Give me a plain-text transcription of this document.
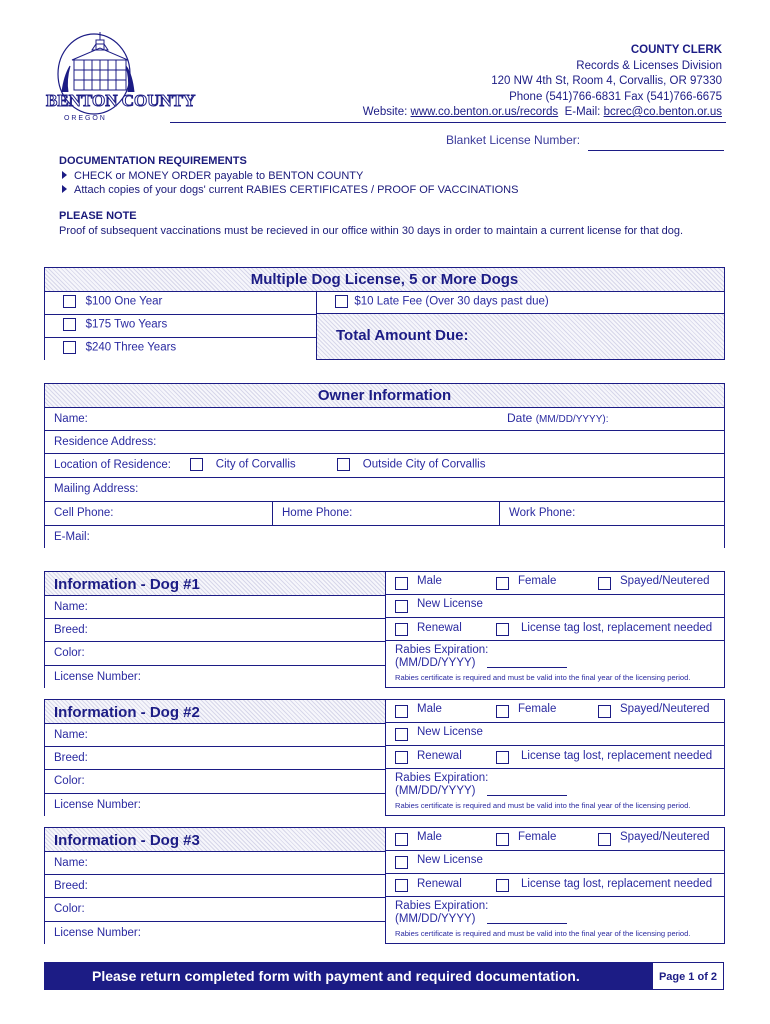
BENTON COUNTY
O R E G O N
COUNTY CLERK
Records & Licenses Division
120 NW 4th St, Room 4, Corvallis, OR 97330
Phone (541)766-6831 Fax (541)766-6675
Website: www.co.benton.or.us/records E-Mail: bcrec@co.benton.or.us
Blanket License Number:
DOCUMENTATION REQUIREMENTS
CHECK or MONEY ORDER payable to BENTON COUNTY
Attach copies of your dogs' current RABIES CERTIFICATES / PROOF OF VACCINATIONS
PLEASE NOTE
Proof of subsequent vaccinations must be recieved in our office within 30 days in order to maintain a current license for that dog.
Multiple Dog License, 5 or More Dogs
$100 One Year
$175 Two Years
$240 Three Years
$10 Late Fee (Over 30 days past due)
Total Amount Due:
Owner Information
Name:	Date (MM/DD/YYYY):
Residence Address:
Location of Residence:	City of Corvallis	Outside City of Corvallis
Mailing Address:
Cell Phone:	Home Phone:	Work Phone:
E-Mail:
Information - Dog #1
Name:
Breed:
Color:
License Number:
Male	Female	Spayed/Neutered
New License
Renewal	License tag lost, replacement needed
Rabies Expiration:
(MM/DD/YYYY)
Rabies certificate is required and must be valid into the final year of the licensing period.
Information - Dog #2
Name:
Breed:
Color:
License Number:
Male	Female	Spayed/Neutered
New License
Renewal	License tag lost, replacement needed
Rabies Expiration:
(MM/DD/YYYY)
Rabies certificate is required and must be valid into the final year of the licensing period.
Information - Dog #3
Name:
Breed:
Color:
License Number:
Male	Female	Spayed/Neutered
New License
Renewal	License tag lost, replacement needed
Rabies Expiration:
(MM/DD/YYYY)
Rabies certificate is required and must be valid into the final year of the licensing period.
Please return completed form with payment and required documentation.	Page 1 of 2
